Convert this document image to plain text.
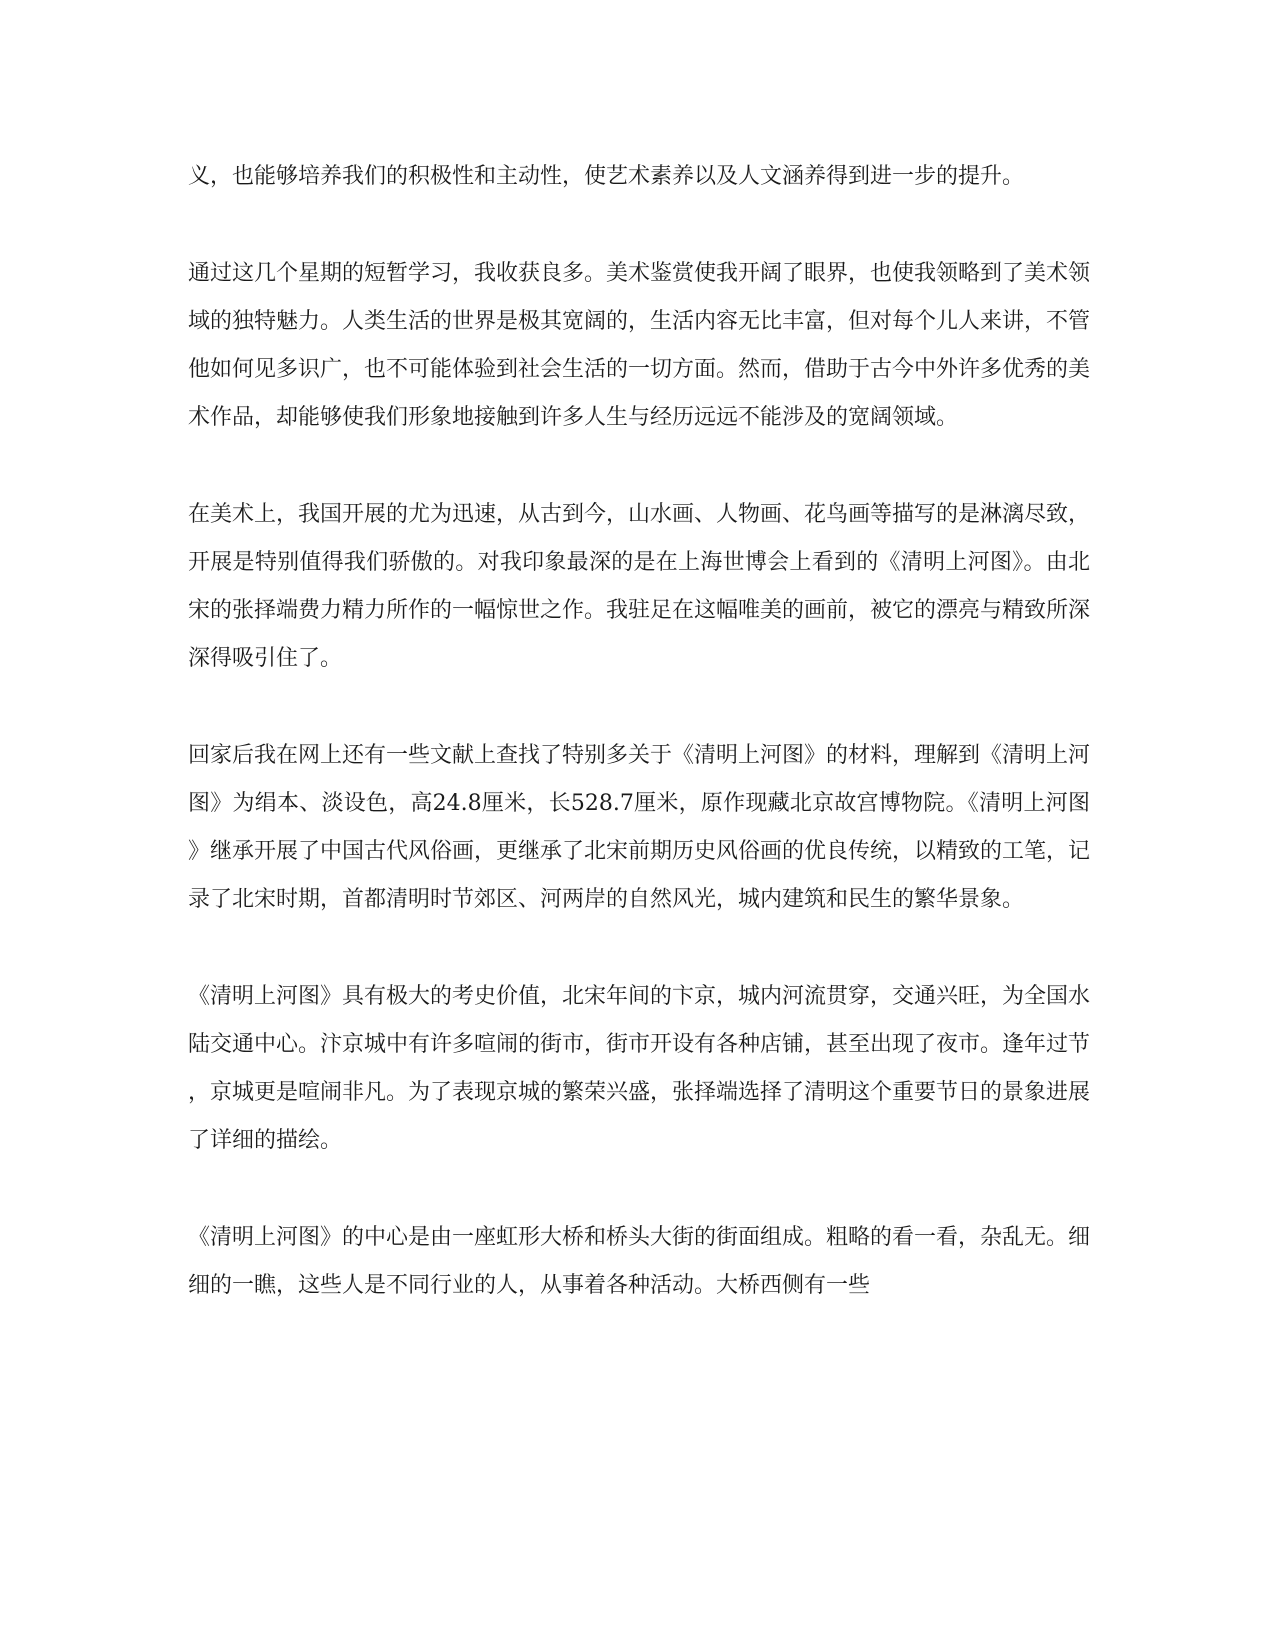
义，也能够培养我们的积极性和主动性，使艺术素养以及人文涵养得到进一步的提升。

通过这几个星期的短暂学习，我收获良多。美术鉴赏使我开阔了眼界，也使我领略到了美术领域的独特魅力。人类生活的世界是极其宽阔的，生活内容无比丰富，但对每个儿人来讲，不管他如何见多识广，也不可能体验到社会生活的一切方面。然而，借助于古今中外许多优秀的美术作品，却能够使我们形象地接触到许多人生与经历远远不能涉及的宽阔领域。

在美术上，我国开展的尤为迅速，从古到今，山水画、人物画、花鸟画等描写的是淋漓尽致，开展是特别值得我们骄傲的。对我印象最深的是在上海世博会上看到的《清明上河图》。由北宋的张择端费力精力所作的一幅惊世之作。我驻足在这幅唯美的画前，被它的漂亮与精致所深深得吸引住了。

回家后我在网上还有一些文献上查找了特别多关于《清明上河图》的材料，理解到《清明上河图》为绢本、淡设色，高24.8厘米，长528.7厘米，原作现藏北京故宫博物院。《清明上河图》继承开展了中国古代风俗画，更继承了北宋前期历史风俗画的优良传统，以精致的工笔，记录了北宋时期，首都清明时节郊区、河两岸的自然风光，城内建筑和民生的繁华景象。

《清明上河图》具有极大的考史价值，北宋年间的卞京，城内河流贯穿，交通兴旺，为全国水陆交通中心。汴京城中有许多喧闹的街市，街市开设有各种店铺，甚至出现了夜市。逢年过节，京城更是喧闹非凡。为了表现京城的繁荣兴盛，张择端选择了清明这个重要节日的景象进展了详细的描绘。

《清明上河图》的中心是由一座虹形大桥和桥头大街的街面组成。粗略的看一看，杂乱无。细细的一瞧，这些人是不同行业的人，从事着各种活动。大桥西侧有一些
